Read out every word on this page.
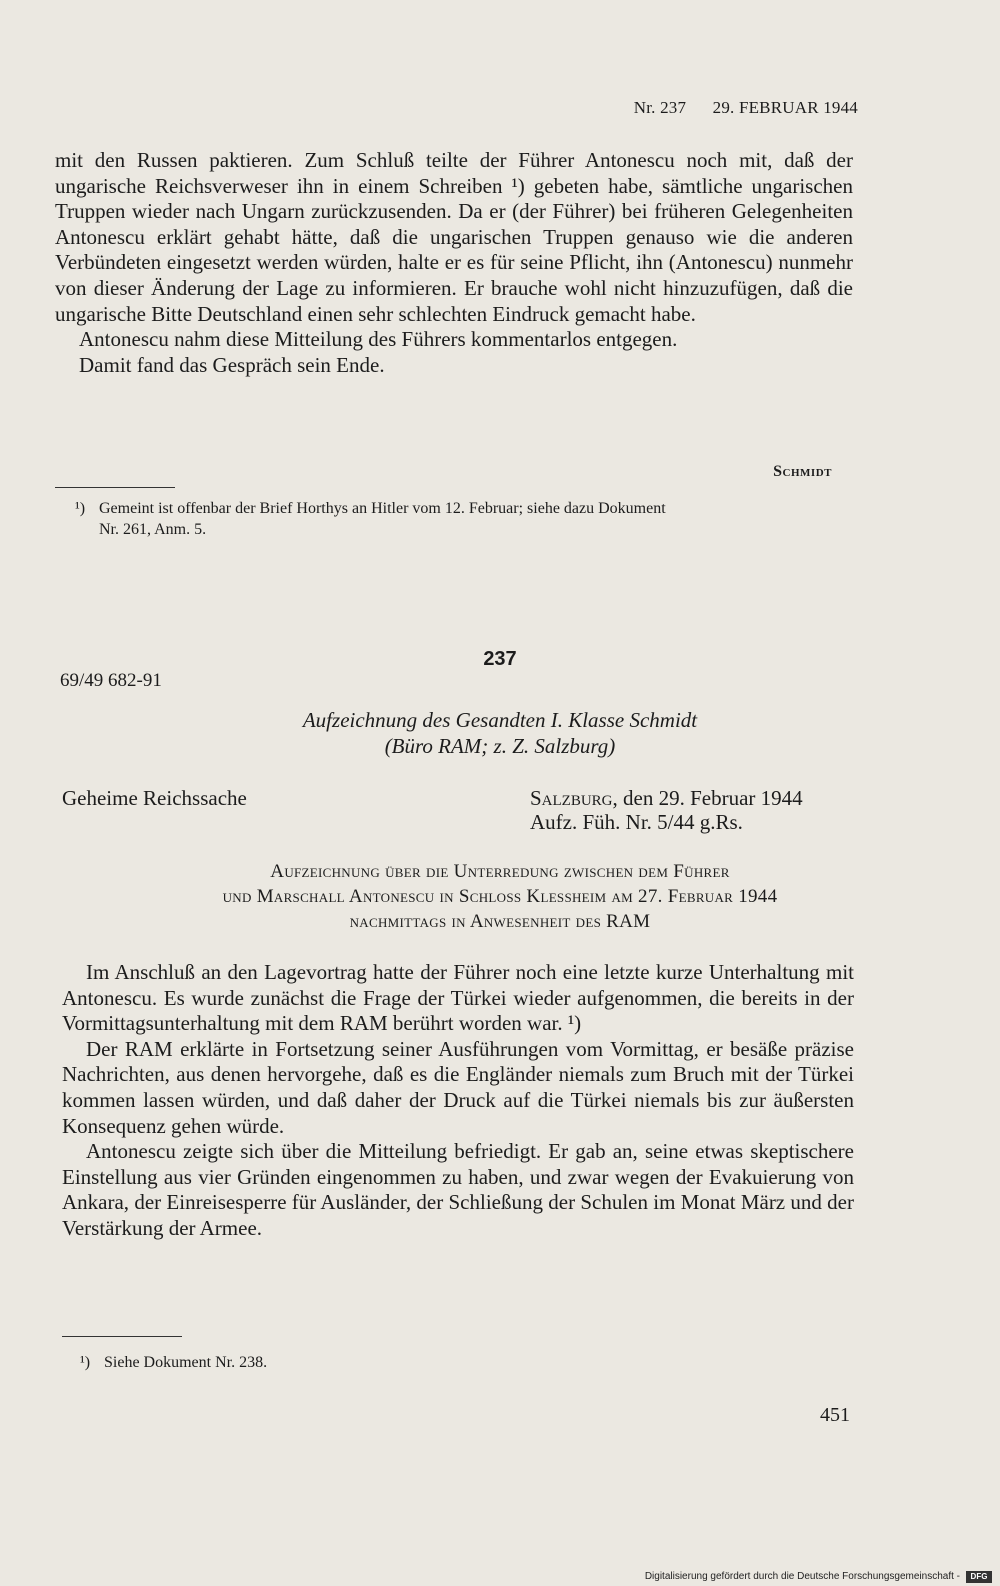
Nr. 237 29. FEBRUAR 1944

mit den Russen paktieren. Zum Schluß teilte der Führer Antonescu noch mit, daß der ungarische Reichsverweser ihn in einem Schreiben ¹) gebeten habe, sämtliche ungarischen Truppen wieder nach Ungarn zurückzusenden. Da er (der Führer) bei früheren Gelegenheiten Antonescu erklärt gehabt hätte, daß die ungarischen Truppen genauso wie die anderen Verbündeten eingesetzt werden würden, halte er es für seine Pflicht, ihn (Antonescu) nunmehr von dieser Änderung der Lage zu informieren. Er brauche wohl nicht hinzuzufügen, daß die ungarische Bitte Deutschland einen sehr schlechten Eindruck gemacht habe.

Antonescu nahm diese Mitteilung des Führers kommentarlos entgegen.

Damit fand das Gespräch sein Ende.

Schmidt
¹) Gemeint ist offenbar der Brief Horthys an Hitler vom 12. Februar; siehe dazu Dokument
Nr. 261, Anm. 5.
237
69/49 682-91
Aufzeichnung des Gesandten I. Klasse Schmidt
(Büro RAM; z. Z. Salzburg)
Geheime Reichssache	Salzburg, den 29. Februar 1944
Aufz. Füh. Nr. 5/44 g.Rs.
Aufzeichnung über die Unterredung zwischen dem Führer
und Marschall Antonescu in Schloss Klessheim am 27. Februar 1944
nachmittags in Anwesenheit des RAM

Im Anschluß an den Lagevortrag hatte der Führer noch eine letzte kurze Unterhaltung mit Antonescu. Es wurde zunächst die Frage der Türkei wieder aufgenommen, die bereits in der Vormittagsunterhaltung mit dem RAM berührt worden war. ¹)

Der RAM erklärte in Fortsetzung seiner Ausführungen vom Vormittag, er besäße präzise Nachrichten, aus denen hervorgehe, daß es die Engländer niemals zum Bruch mit der Türkei kommen lassen würden, und daß daher der Druck auf die Türkei niemals bis zur äußersten Konsequenz gehen würde.

Antonescu zeigte sich über die Mitteilung befriedigt. Er gab an, seine etwas skeptischere Einstellung aus vier Gründen eingenommen zu haben, und zwar wegen der Evakuierung von Ankara, der Einreisesperre für Ausländer, der Schließung der Schulen im Monat März und der Verstärkung der Armee.

¹) Siehe Dokument Nr. 238.
451
Digitalisierung gefördert durch die Deutsche Forschungsgemeinschaft -	DFG
